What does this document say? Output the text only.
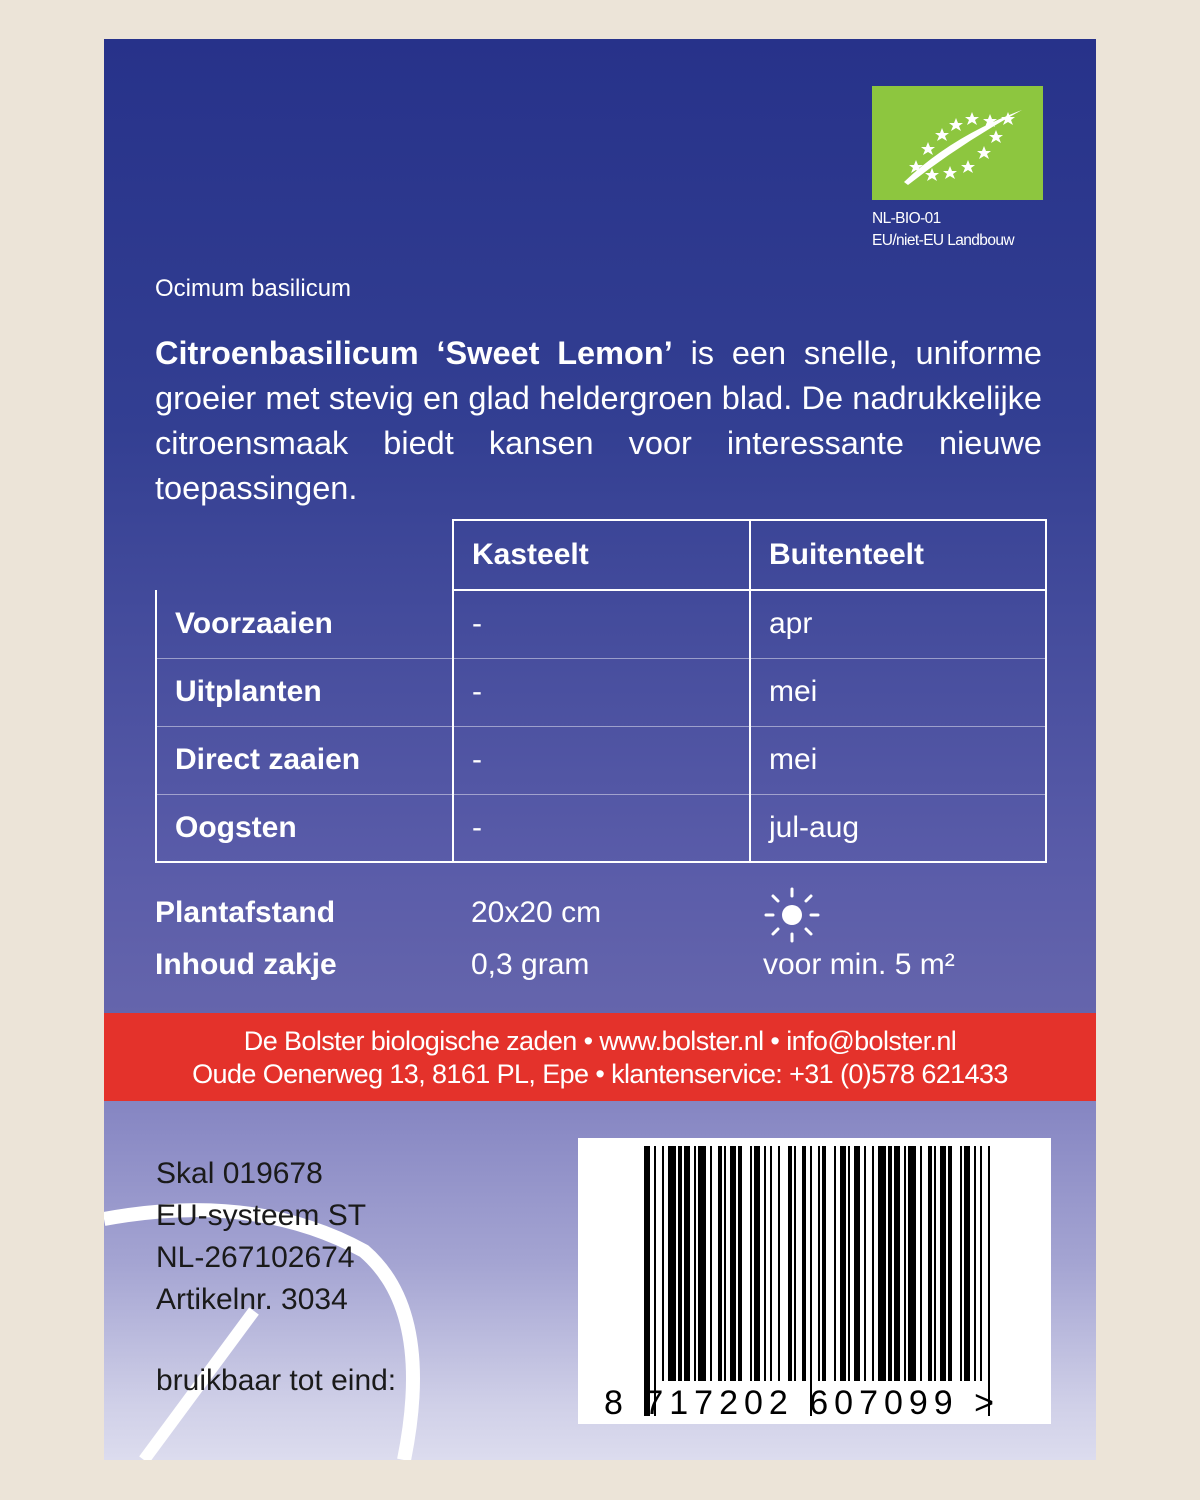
NL-BIO-01
EU/niet-EU Landbouw
Ocimum basilicum
Citroenbasilicum ‘Sweet Lemon’ is een snelle, uniforme groeier met stevig en glad heldergroen blad. De nadrukkelijke citroensmaak biedt kansen voor interessante nieuwe toepassingen.
	Kasteelt	Buitenteelt
Voorzaaien	-	apr
Uitplanten	-	mei
Direct zaaien	-	mei
Oogsten	-	jul-aug
Plantafstand	20x20 cm
Inhoud zakje	0,3 gram	voor min. 5 m²
De Bolster biologische zaden • www.bolster.nl • info@bolster.nl
Oude Oenerweg 13, 8161 PL, Epe • klantenservice: +31 (0)578 621433
Skal 019678
EU-systeem ST
NL-267102674
Artikelnr. 3034
bruikbaar tot eind:
8 717202 607099 >
